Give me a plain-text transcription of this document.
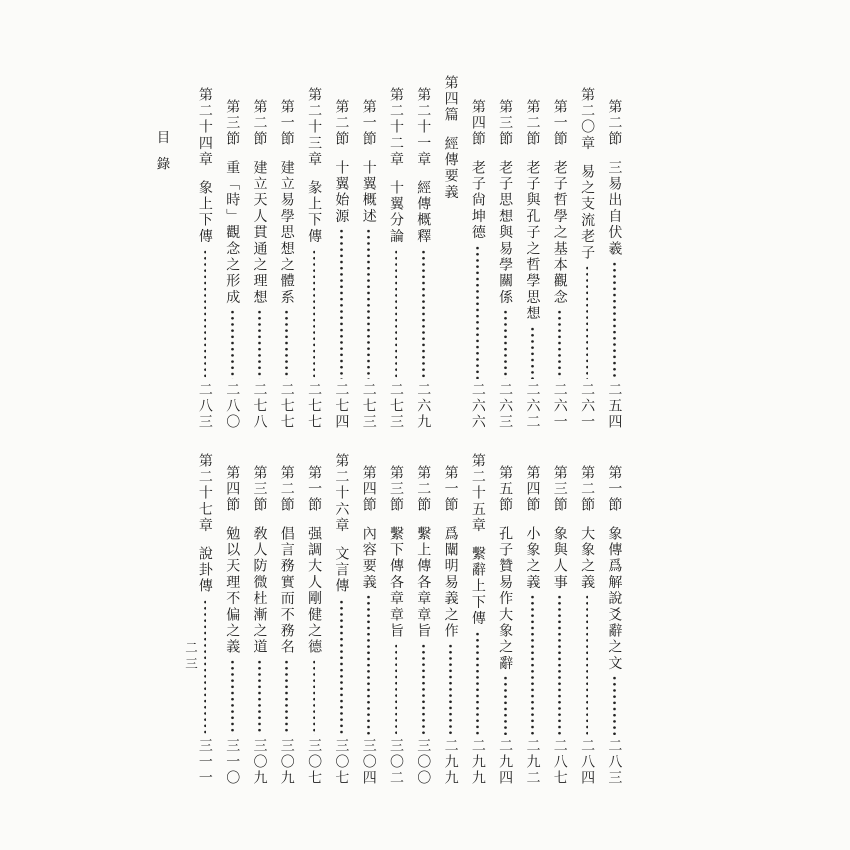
目錄
第二節
三易出自伏羲
二五四
第二〇章
易之支流老子
二六一
第一節
老子哲學之基本觀念
二六一
第二節
老子與孔子之哲學思想
二六二
第三節
老子思想與易學關係
二六三
第四節
老子尙坤德
二六六
第四篇
經傳要義
第二十一章
經傳概釋
二六九
第二十二章
十翼分論
二七三
第一節
十翼概述
二七三
第二節
十翼始源
二七四
第二十三章
彖上下傳
二七七
第一節
建立易學思想之體系
二七七
第二節
建立天人貫通之理想
二七八
第三節
重「時」觀念之形成
二八〇
第二十四章
象上下傳
二八三
第一節
象傳爲解說爻辭之文
二八三
第二節
大象之義
二八四
第三節
象與人事
二八七
第四節
小象之義
二九二
第五節
孔子贊易作大象之辭
二九四
第二十五章
繫辭上下傳
二九九
第一節
爲闡明易義之作
二九九
第二節
繫上傳各章章旨
三〇〇
第三節
繫下傳各章章旨
三〇二
第四節
內容要義
三〇四
第二十六章
文言傳
三〇七
第一節
强調大人剛健之德
三〇七
第二節
倡言務實而不務名
三〇九
第三節
敎人防微杜漸之道
三〇九
第四節
勉以天理不偏之義
三一〇
第二十七章
說卦傳
三一一
二三
